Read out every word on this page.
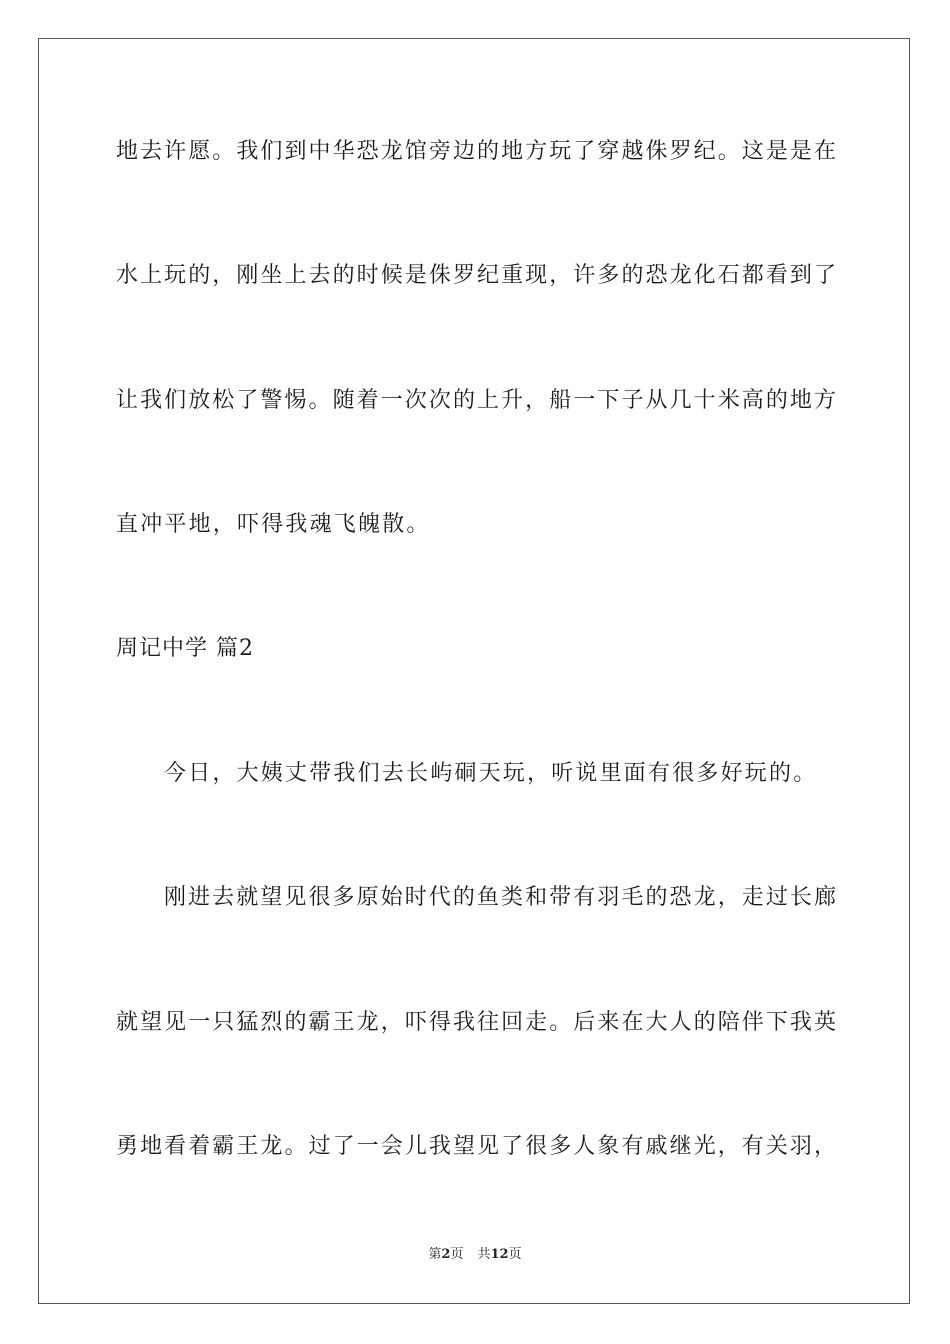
地去许愿。我们到中华恐龙馆旁边的地方玩了穿越侏罗纪。这是是在
水上玩的，刚坐上去的时候是侏罗纪重现，许多的恐龙化石都看到了
让我们放松了警惕。随着一次次的上升，船一下子从几十米高的地方
直冲平地，吓得我魂飞魄散。
周记中学 篇2
今日，大姨丈带我们去长屿硐天玩，听说里面有很多好玩的。
刚进去就望见很多原始时代的鱼类和带有羽毛的恐龙，走过长廊
就望见一只猛烈的霸王龙，吓得我往回走。后来在大人的陪伴下我英
勇地看着霸王龙。过了一会儿我望见了很多人象有戚继光，有关羽，
第2页 共12页
